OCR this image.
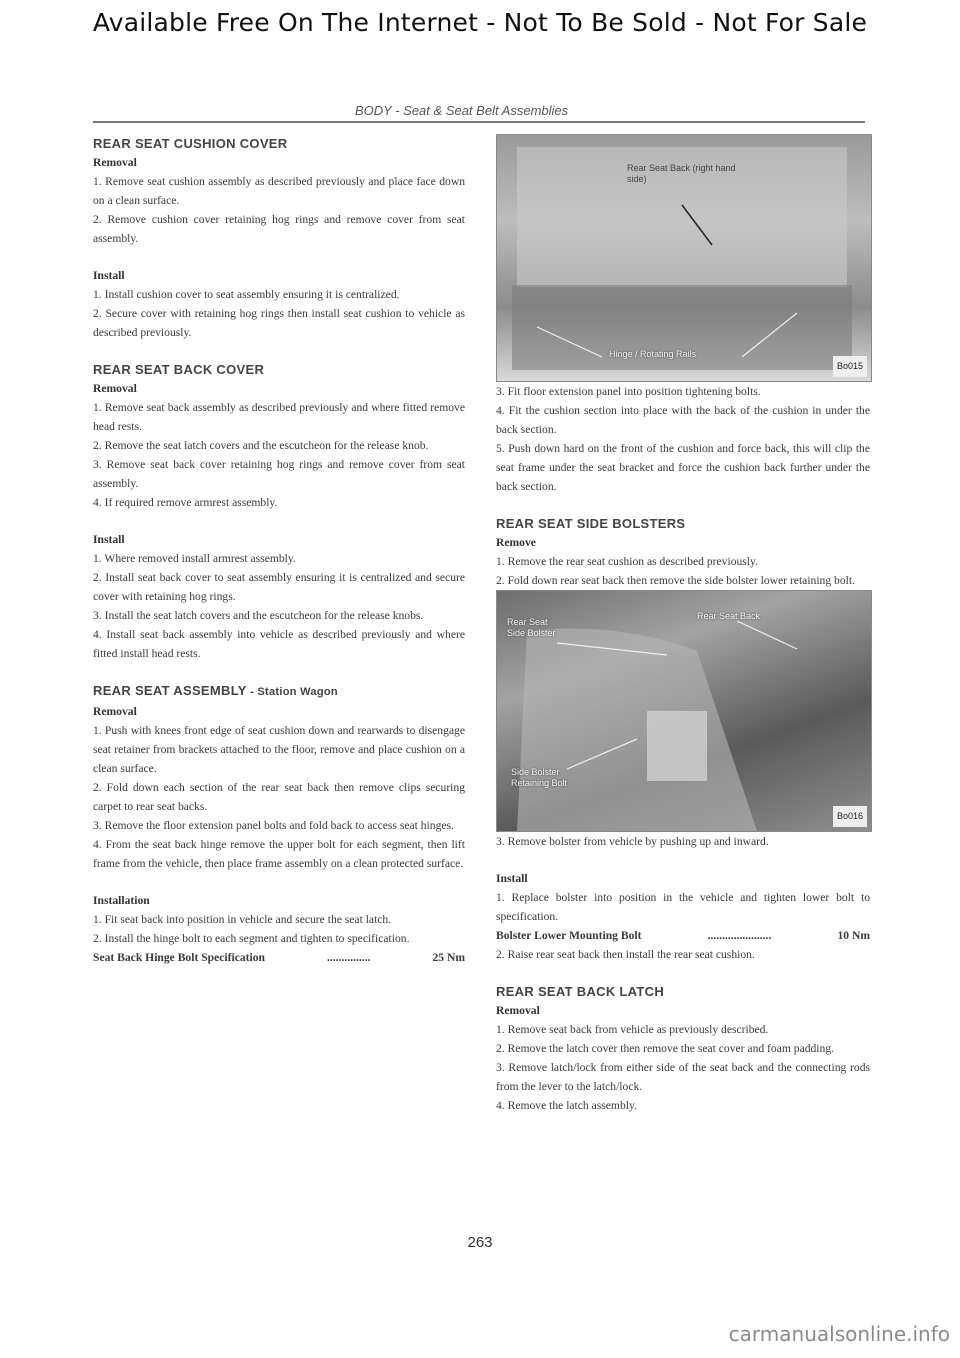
Available Free On The Internet - Not To Be Sold - Not For Sale
BODY - Seat & Seat Belt Assemblies

REAR SEAT CUSHION COVER

Removal

1. Remove seat cushion assembly as described previously and place face down on a clean surface.

2. Remove cushion cover retaining hog rings and remove cover from seat assembly.

Install

1. Install cushion cover to seat assembly ensuring it is centralized.

2. Secure cover with retaining hog rings then install seat cushion to vehicle as described previously.

REAR SEAT BACK COVER

Removal

1. Remove seat back assembly as described previously and where fitted remove head rests.

2. Remove the seat latch covers and the escutcheon for the release knob.

3. Remove seat back cover retaining hog rings and remove cover from seat assembly.

4. If required remove armrest assembly.

Install

1. Where removed install armrest assembly.

2. Install seat back cover to seat assembly ensuring it is centralized and secure cover with retaining hog rings.

3. Install the seat latch covers and the escutcheon for the release knobs.

4. Install seat back assembly into vehicle as described previously and where fitted install head rests.

REAR SEAT ASSEMBLY - Station Wagon

Removal

1. Push with knees front edge of seat cushion down and rearwards to disengage seat retainer from brackets attached to the floor, remove and place cushion on a clean surface.

2. Fold down each section of the rear seat back then remove clips securing carpet to rear seat backs.

3. Remove the floor extension panel bolts and fold back to access seat hinges.

4. From the seat back hinge remove the upper bolt for each segment, then lift frame from the vehicle, then place frame assembly on a clean protected surface.

Installation

1. Fit seat back into position in vehicle and secure the seat latch.

2. Install the hinge bolt to each segment and tighten to specification.

Seat Back Hinge Bolt Specification	...............	25 Nm

Rear Seat Back (right hand side)
Hinge / Rotating Rails
Bo015

3. Fit floor extension panel into position tightening bolts.

4. Fit the cushion section into place with the back of the cushion in under the back section.

5. Push down hard on the front of the cushion and force back, this will clip the seat frame under the seat bracket and force the cushion back further under the back section.

REAR SEAT SIDE BOLSTERS

Remove

1. Remove the rear seat cushion as described previously.

2. Fold down rear seat back then remove the side bolster lower retaining bolt.

Rear Seat Side Bolster
Rear Seat Back
Side Bolster Retaining Bolt
Bo016

3. Remove bolster from vehicle by pushing up and inward.

Install

1. Replace bolster into position in the vehicle and tighten lower bolt to specification.

Bolster Lower Mounting Bolt	......................	10 Nm

2. Raise rear seat back then install the rear seat cushion.

REAR SEAT BACK LATCH

Removal

1. Remove seat back from vehicle as previously described.

2. Remove the latch cover then remove the seat cover and foam padding.

3. Remove latch/lock from either side of the seat back and the connecting rods from the lever to the latch/lock.

4. Remove the latch assembly.

263
carmanualsonline.info
